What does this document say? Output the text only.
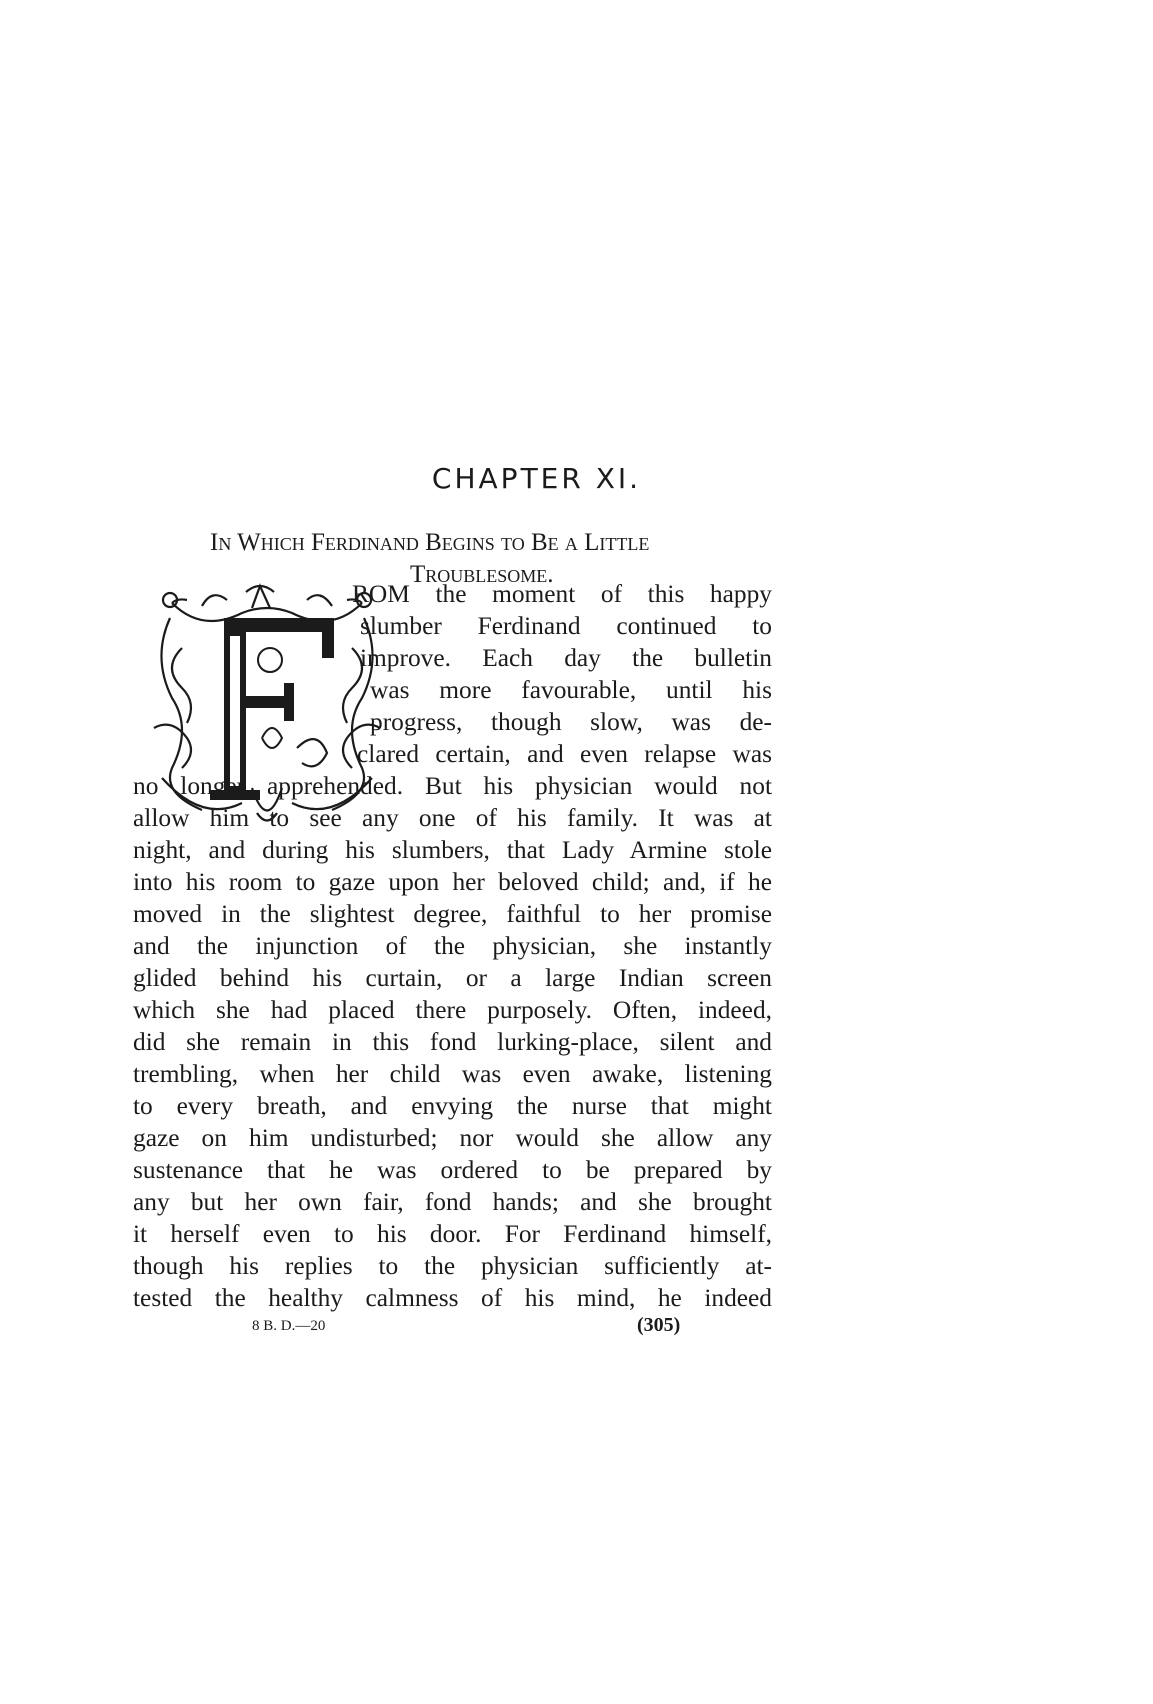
CHAPTER XI.
In Which Ferdinand Begins to Be a Little
Troublesome.
ROM the moment of this happy
slumber Ferdinand continued to
improve. Each day the bulletin
was more favourable, until his
progress, though slow, was de-
clared certain, and even relapse was
no longer apprehended. But his physician would not
allow him to see any one of his family. It was at
night, and during his slumbers, that Lady Armine stole
into his room to gaze upon her beloved child; and, if he
moved in the slightest degree, faithful to her promise
and the injunction of the physician, she instantly
glided behind his curtain, or a large Indian screen
which she had placed there purposely. Often, indeed,
did she remain in this fond lurking-place, silent and
trembling, when her child was even awake, listening
to every breath, and envying the nurse that might
gaze on him undisturbed; nor would she allow any
sustenance that he was ordered to be prepared by
any but her own fair, fond hands; and she brought
it herself even to his door. For Ferdinand himself,
though his replies to the physician sufficiently at-
tested the healthy calmness of his mind, he indeed
8 B. D.—20	(305)
